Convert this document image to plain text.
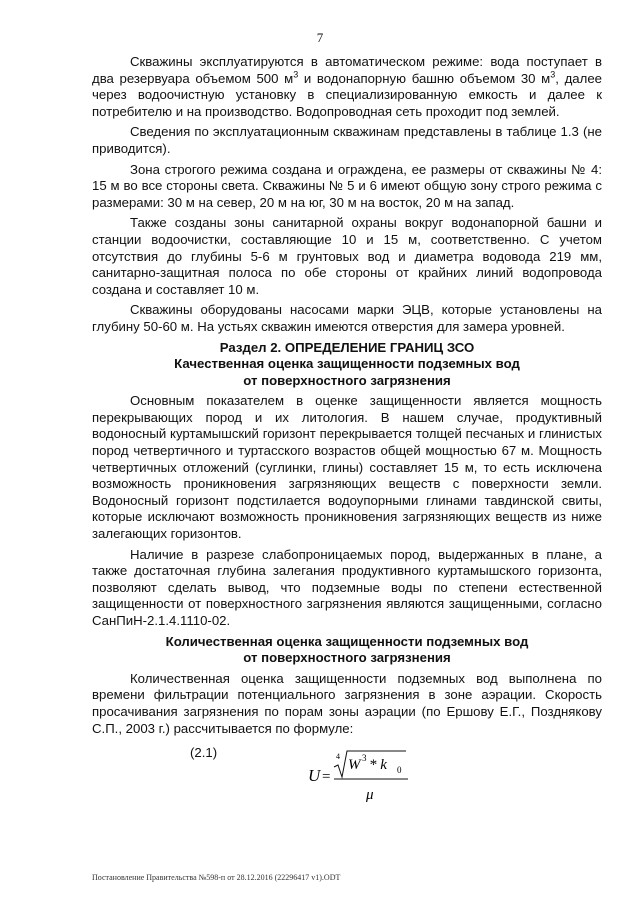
7

Скважины эксплуатируются в автоматическом режиме: вода поступает в два резервуара объемом 500 $м^3$ и водонапорную башню объемом 30 $м^3$, далее через водоочистную установку в специализированную емкость и далее к потребителю и на производство. Водопроводная сеть проходит под землей.

Сведения по эксплуатационным скважинам представлены в таблице 1.3 (не приводится).

Зона строгого режима создана и ограждена, ее размеры от скважины № 4: 15 м во все стороны света. Скважины № 5 и 6 имеют общую зону строго режима с размерами: 30 м на север, 20 м на юг, 30 м на восток, 20 м на запад.

Также созданы зоны санитарной охраны вокруг водонапорной башни и станции водоочистки, составляющие 10 и 15 м, соответственно. С учетом отсутствия до глубины 5-6 м грунтовых вод и диаметра водовода 219 мм, санитарно-защитная полоса по обе стороны от крайних линий водопровода создана и составляет 10 м.

Скважины оборудованы насосами марки ЭЦВ, которые установлены на глубину 50-60 м. На устьях скважин имеются отверстия для замера уровней.

Раздел 2. ОПРЕДЕЛЕНИЕ ГРАНИЦ ЗСО

Качественная оценка защищенности подземных вод

от поверхностного загрязнения

Основным показателем в оценке защищенности является мощность перекрывающих пород и их литология. В нашем случае, продуктивный водоносный куртамышский горизонт перекрывается толщей песчаных и глинистых пород четвертичного и туртасского возрастов общей мощностью 67 м. Мощность четвертичных отложений (суглинки, глины) составляет 15 м, то есть исключена возможность проникновения загрязняющих веществ с поверхности земли. Водоносный горизонт подстилается водоупорными глинами тавдинской свиты, которые исключают возможность проникновения загрязняющих веществ из ниже залегающих горизонтов.

Наличие в разрезе слабопроницаемых пород, выдержанных в плане, а также достаточная глубина залегания продуктивного куртамышского горизонта, позволяют сделать вывод, что подземные воды по степени естественной защищенности от поверхностного загрязнения являются защищенными, согласно СанПиН-2.1.4.1110-02.

Количественная оценка защищенности подземных вод

от поверхностного загрязнения

Количественная оценка защищенности подземных вод выполнена по времени фильтрации потенциального загрязнения в зоне аэрации. Скорость просачивания загрязнения по порам зоны аэрации (по Ершову Е.Г., Позднякову С.П., 2003 г.) рассчитывается по формуле:

(2.1)
U =
4
W 3 * k 0
μ
Постановление Правительства №598-п от 28.12.2016 (22296417 v1).ODT
